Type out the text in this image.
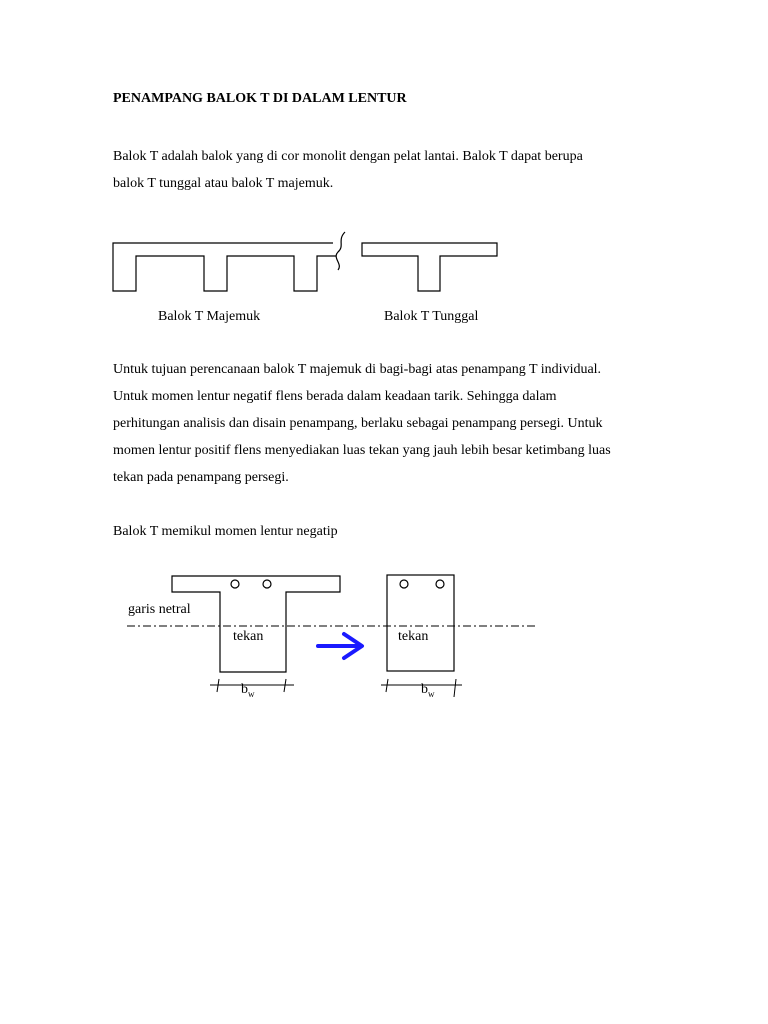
PENAMPANG BALOK T DI DALAM LENTUR
Balok T adalah balok yang di cor monolit dengan pelat lantai. Balok T dapat berupa
balok T tunggal atau balok T majemuk.
Balok T Majemuk	Balok T Tunggal
Untuk tujuan perencanaan balok T majemuk di bagi-bagi atas penampang T individual.
Untuk momen lentur negatif flens berada dalam keadaan tarik. Sehingga dalam
perhitungan analisis dan disain penampang, berlaku sebagai penampang persegi. Untuk
momen lentur positif flens menyediakan luas tekan yang jauh lebih besar ketimbang luas
tekan pada penampang persegi.
Balok T memikul momen lentur negatip
garis netral
tekan	tekan
$b_w$	$b_w$
